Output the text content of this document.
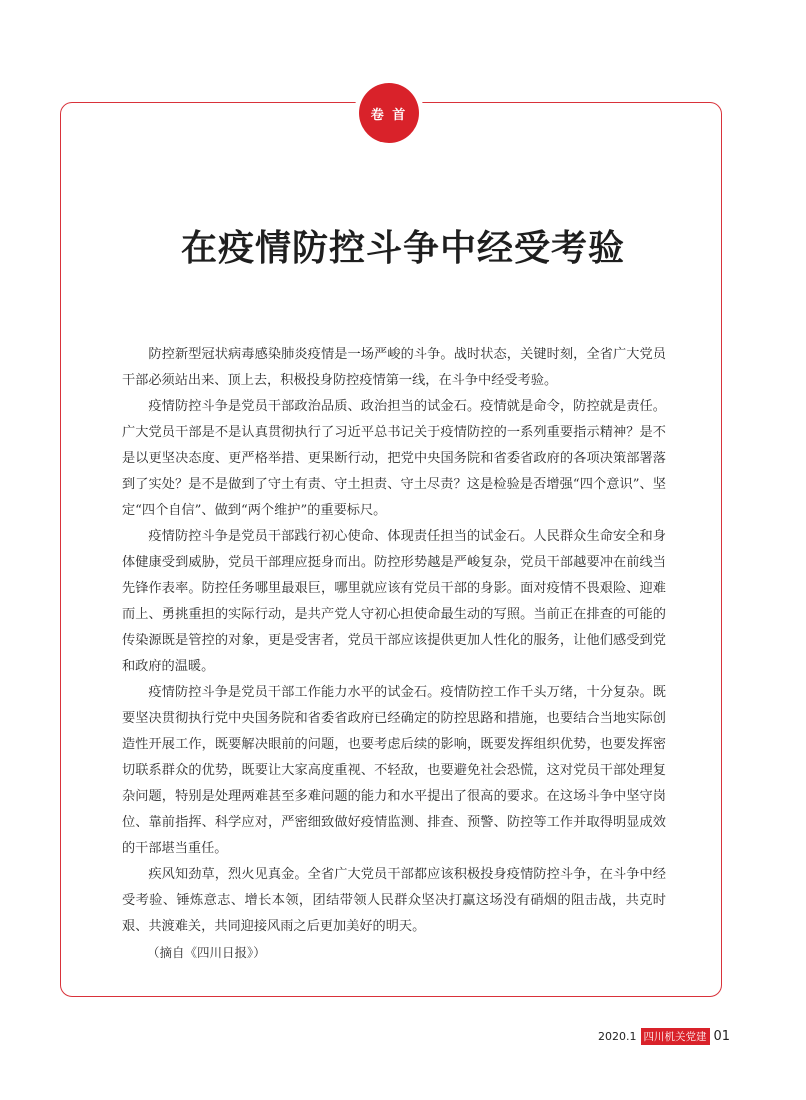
卷 首
在疫情防控斗争中经受考验

防控新型冠状病毒感染肺炎疫情是一场严峻的斗争。战时状态，关键时刻，全省广大党员干部必须站出来、顶上去，积极投身防控疫情第一线，在斗争中经受考验。

疫情防控斗争是党员干部政治品质、政治担当的试金石。疫情就是命令，防控就是责任。广大党员干部是不是认真贯彻执行了习近平总书记关于疫情防控的一系列重要指示精神？是不是以更坚决态度、更严格举措、更果断行动，把党中央国务院和省委省政府的各项决策部署落到了实处？是不是做到了守土有责、守土担责、守土尽责？这是检验是否增强“四个意识”、坚定“四个自信”、做到“两个维护”的重要标尺。

疫情防控斗争是党员干部践行初心使命、体现责任担当的试金石。人民群众生命安全和身体健康受到威胁，党员干部理应挺身而出。防控形势越是严峻复杂，党员干部越要冲在前线当先锋作表率。防控任务哪里最艰巨，哪里就应该有党员干部的身影。面对疫情不畏艰险、迎难而上、勇挑重担的实际行动，是共产党人守初心担使命最生动的写照。当前正在排查的可能的传染源既是管控的对象，更是受害者，党员干部应该提供更加人性化的服务，让他们感受到党和政府的温暖。

疫情防控斗争是党员干部工作能力水平的试金石。疫情防控工作千头万绪，十分复杂。既要坚决贯彻执行党中央国务院和省委省政府已经确定的防控思路和措施，也要结合当地实际创造性开展工作，既要解决眼前的问题，也要考虑后续的影响，既要发挥组织优势，也要发挥密切联系群众的优势，既要让大家高度重视、不轻敌，也要避免社会恐慌，这对党员干部处理复杂问题，特别是处理两难甚至多难问题的能力和水平提出了很高的要求。在这场斗争中坚守岗位、靠前指挥、科学应对，严密细致做好疫情监测、排查、预警、防控等工作并取得明显成效的干部堪当重任。

疾风知劲草，烈火见真金。全省广大党员干部都应该积极投身疫情防控斗争，在斗争中经受考验、锤炼意志、增长本领，团结带领人民群众坚决打赢这场没有硝烟的阻击战，共克时艰、共渡难关，共同迎接风雨之后更加美好的明天。

（摘自《四川日报》）

2020.1 四川机关党建 01
